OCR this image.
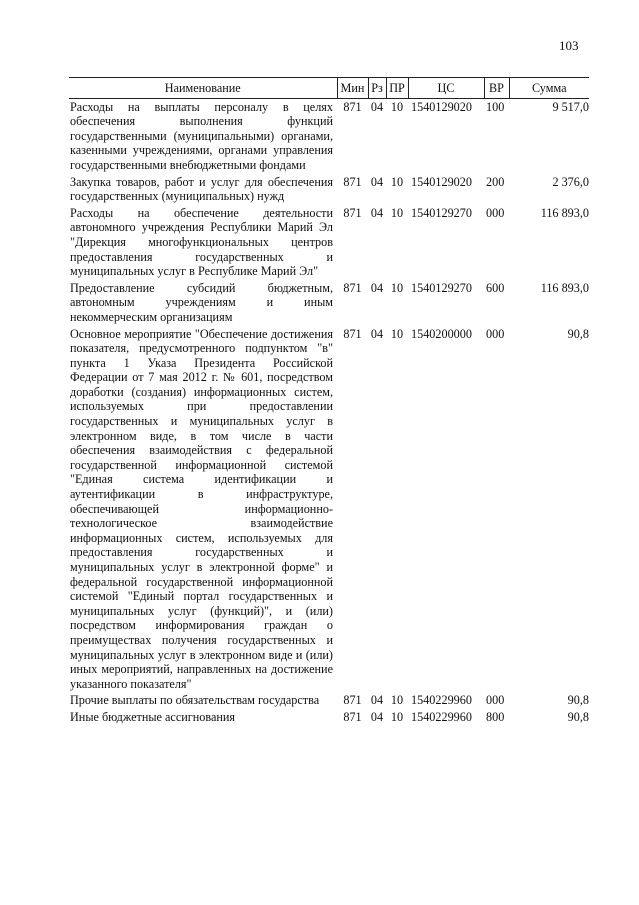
103
Наименование	Мин	Рз	ПР	ЦС	ВР	Сумма
Расходы на выплаты персоналу в целях обеспечения выполнения функций государственными (муниципальными) органами, казенными учреждениями, органами управления государственными внебюджетными фондами	871	04	10	1540129020	100	9 517,0
Закупка товаров, работ и услуг для обеспечения государственных (муниципальных) нужд	871	04	10	1540129020	200	2 376,0
Расходы на обеспечение деятельности автономного учреждения Республики Марий Эл "Дирекция многофункциональных центров предоставления государственных и муниципальных услуг в Республике Марий Эл"	871	04	10	1540129270	000	116 893,0
Предоставление субсидий бюджетным, автономным учреждениям и иным некоммерческим организациям	871	04	10	1540129270	600	116 893,0
Основное мероприятие "Обеспечение достижения показателя, предусмотренного подпунктом "в" пункта 1 Указа Президента Российской Федерации от 7 мая 2012 г. № 601, посредством доработки (создания) информационных систем, используемых при предоставлении государственных и муниципальных услуг в электронном виде, в том числе в части обеспечения взаимодействия с федеральной государственной информационной системой "Единая система идентификации и аутентификации в инфраструктуре, обеспечивающей информационно-технологическое взаимодействие информационных систем, используемых для предоставления государственных и муниципальных услуг в электронной форме" и федеральной государственной информационной системой "Единый портал государственных и муниципальных услуг (функций)", и (или) посредством информирования граждан о преимуществах получения государственных и муниципальных услуг в электронном виде и (или) иных мероприятий, направленных на достижение указанного показателя"	871	04	10	1540200000	000	90,8
Прочие выплаты по обязательствам государства	871	04	10	1540229960	000	90,8
Иные бюджетные ассигнования	871	04	10	1540229960	800	90,8
